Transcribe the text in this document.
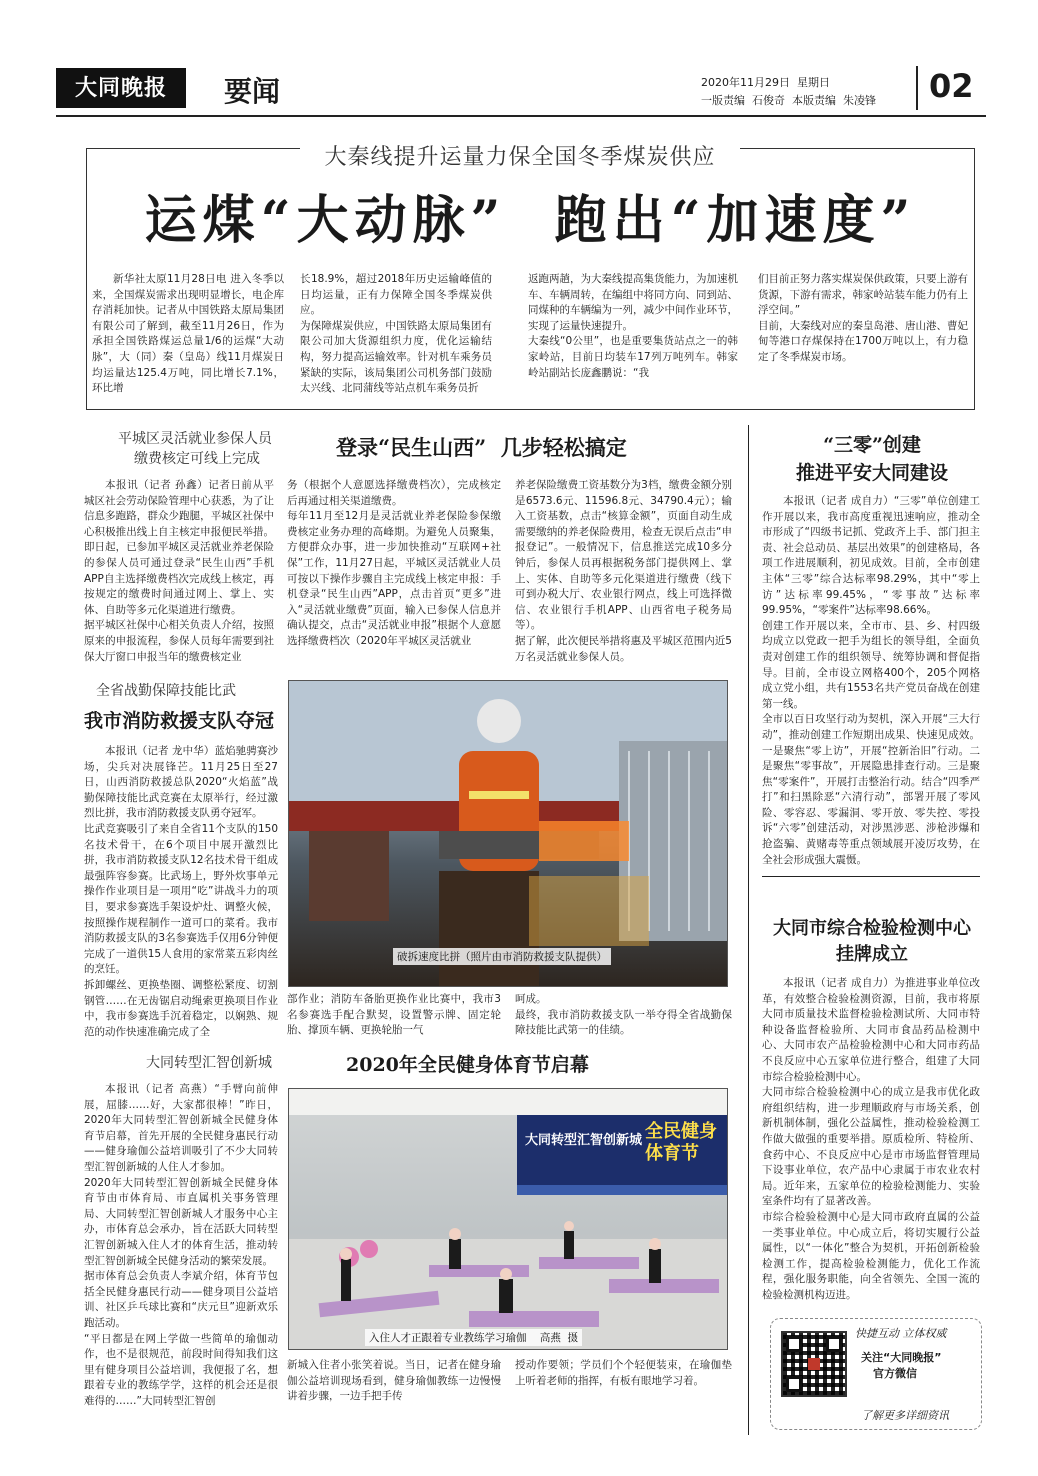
大同晚报	要闻	2020年11月29日  星期日
一版责编  石俊奇  本版责编  朱凌锋 02
大秦线提升运量力保全国冬季煤炭供应
运煤“大动脉”  跑出“加速度”
新华社太原11月28日电 进入冬季以来，全国煤炭需求出现明显增长，电企库存消耗加快。记者从中国铁路太原局集团有限公司了解到，截至11月26日，作为承担全国铁路煤运总量1/6的运煤“大动脉”，大（同）秦（皇岛）线11月煤炭日均运量达125.4万吨，同比增长7.1%，环比增
长18.9%，超过2018年历史运输峰值的日均运量，正有力保障全国冬季煤炭供应。
为保障煤炭供应，中国铁路太原局集团有限公司加大货源组织力度，优化运输结构，努力提高运输效率。针对机车乘务员紧缺的实际，该局集团公司机务部门鼓励太兴线、北同蒲线等站点机车乘务员折
返跑两趟，为大秦线提高集货能力，为加速机车、车辆周转，在编组中将同方向、同到站、同煤种的车辆编为一列，减少中间作业环节，实现了运量快速提升。
大秦线“0公里”，也是重要集货站点之一的韩家岭站，目前日均装车17列万吨列车。韩家岭站副站长庞鑫鹏说：“我
们目前正努力落实煤炭保供政策，只要上游有货源，下游有需求，韩家岭站装车能力仍有上浮空间。”
目前，大秦线对应的秦皇岛港、唐山港、曹妃甸等港口存煤保持在1700万吨以上，有力稳定了冬季煤炭市场。
平城区灵活就业参保人员
缴费核定可线上完成	登录“民生山西”  几步轻松搞定
本报讯（记者 孙鑫）记者日前从平城区社会劳动保险管理中心获悉，为了让信息多跑路，群众少跑腿，平城区社保中心积极推出线上自主核定申报便民举措。即日起，已参加平城区灵活就业养老保险的参保人员可通过登录“民生山西”手机APP自主选择缴费档次完成线上核定，再按规定的缴费时间通过网上、掌上、实体、自助等多元化渠道进行缴费。
据平城区社保中心相关负责人介绍，按照原来的申报流程，参保人员每年需要到社保大厅窗口申报当年的缴费核定业
务（根据个人意愿选择缴费档次），完成核定后再通过相关渠道缴费。
每年11月至12月是灵活就业养老保险参保缴费核定业务办理的高峰期。为避免人员聚集，方便群众办事，进一步加快推动“互联网+社保”工作，11月27日起，平城区灵活就业人员可按以下操作步骤自主完成线上核定申报：手机登录“民生山西”APP，点击首页“更多”进入“灵活就业缴费”页面，输入已参保人信息并确认提交，点击“灵活就业申报”根据个人意愿选择缴费档次（2020年平城区灵活就业
养老保险缴费工资基数分为3档，缴费金额分别是6573.6元、11596.8元、34790.4元）；输入工资基数，点击“核算金额”，页面自动生成需要缴纳的养老保险费用，检查无误后点击“申报登记”。一般情况下，信息推送完成10多分钟后，参保人员再根据税务部门提供网上、掌上、实体、自助等多元化渠道进行缴费（线下可到办税大厅、农业银行网点，线上可选择微信、农业银行手机APP、山西省电子税务局等）。
据了解，此次便民举措将惠及平城区范围内近5万名灵活就业参保人员。
“三零”创建
推进平安大同建设
本报讯（记者 成自力）“三零”单位创建工作开展以来，我市高度重视迅速响应，推动全市形成了“四级书记抓、党政齐上手、部门担主责、社会总动员、基层出效果”的创建格局，各项工作进展顺利，初见成效。目前，全市创建主体“三零”综合达标率98.29%，其中“零上访”达标率99.45%，“零事故”达标率99.95%，“零案件”达标率98.66%。
创建工作开展以来，全市市、县、乡、村四级均成立以党政一把手为组长的领导组，全面负责对创建工作的组织领导、统筹协调和督促指导。目前，全市设立网格400个，205个网格成立党小组，共有1553名共产党员奋战在创建第一线。
全市以百日攻坚行动为契机，深入开展“三大行动”，推动创建工作短期出成果、快速见成效。一是聚焦“零上访”，开展“控新治旧”行动。二是聚焦“零事故”，开展隐患排查行动。三是聚焦“零案件”，开展打击整治行动。结合“四季严打”和扫黑除恶“六清行动”，部署开展了零风险、零容忍、零漏洞、零开放、零失控、零投诉“六零”创建活动，对涉黑涉恶、涉枪涉爆和抢盗骗、黄赌毒等重点领域展开凌厉攻势，在全社会形成强大震慑。
全省战勤保障技能比武
我市消防救援支队夺冠
本报讯（记者 龙中华）蓝焰驰骋赛沙场，尖兵对决展锋芒。11月25日至27日，山西消防救援总队2020“火焰蓝”战勤保障技能比武竞赛在太原举行，经过激烈比拼，我市消防救援支队勇夺冠军。
比武竞赛吸引了来自全省11个支队的150名技术骨干，在6个项目中展开激烈比拼，我市消防救援支队12名技术骨干组成最强阵容参赛。比武场上，野外炊事单元操作作业项目是一项用“吃”讲战斗力的项目，要求参赛选手架设炉灶、调整火候，按照操作规程制作一道可口的菜肴。我市消防救援支队的3名参赛选手仅用6分钟便完成了一道供15人食用的家常菜五彩肉丝的烹饪。
拆卸螺丝、更换垫圈、调整松紧度、切割钢管……在无齿锯启动绳索更换项目作业中，我市参赛选手沉着稳定，以娴熟、规范的动作快速准确完成了全
破拆速度比拼（照片由市消防救援支队提供）
部作业；消防车备胎更换作业比赛中，我市3名参赛选手配合默契，设置警示牌、固定轮胎、撑顶车辆、更换轮胎一气
呵成。
最终，我市消防救援支队一举夺得全省战勤保障技能比武第一的佳绩。
大同市综合检验检测中心
挂牌成立
本报讯（记者 成自力）为推进事业单位改革，有效整合检验检测资源，目前，我市将原大同市质量技术监督检验检测试所、大同市特种设备监督检验所、大同市食品药品检测中心、大同市农产品检验检测中心和大同市药品不良反应中心五家单位进行整合，组建了大同市综合检验检测中心。
大同市综合检验检测中心的成立是我市优化政府组织结构，进一步理顺政府与市场关系，创新机制体制，强化公益属性，推动检验检测工作做大做强的重要举措。原质检所、特检所、食药中心、不良反应中心是市市场监督管理局下设事业单位，农产品中心隶属于市农业农村局。近年来，五家单位的检验检测能力、实验室条件均有了显著改善。
市综合检验检测中心是大同市政府直属的公益一类事业单位。中心成立后，将切实履行公益属性，以“一体化”整合为契机，开拓创新检验检测工作，提高检验检测能力，优化工作流程，强化服务职能，向全省领先、全国一流的检验检测机构迈进。
大同转型汇智创新城	2020年全民健身体育节启幕
本报讯（记者 高燕）“手臂向前伸展，屈膝……好，大家都很棒！”昨日，2020年大同转型汇智创新城全民健身体育节启幕，首先开展的全民健身惠民行动——健身瑜伽公益培训吸引了不少大同转型汇智创新城的人住人才参加。
2020年大同转型汇智创新城全民健身体育节由市体育局、市直属机关事务管理局、大同转型汇智创新城人才服务中心主办，市体育总会承办，旨在活跃大同转型汇智创新城入住人才的体育生活，推动转型汇智创新城全民健身活动的繁荣发展。
据市体育总会负责人李斌介绍，体育节包括全民健身惠民行动——健身项目公益培训、社区乒乓球比赛和“庆元旦”迎新欢乐跑活动。
“平日都是在网上学做一些简单的瑜伽动作，也不是很规范，前段时间得知我们这里有健身项目公益培训，我便报了名，想跟着专业的教练学学，这样的机会还是很难得的……”大同转型汇智创
大同转型汇智创新城 全民健身 体育节
入住人才正跟着专业教练学习瑜伽    高燕  摄
新城入住者小张笑着说。当日，记者在健身瑜伽公益培训现场看到，健身瑜伽教练一边慢慢讲着步骤，一边手把手传
授动作要领；学员们个个轻便装束，在瑜伽垫上听着老师的指挥，有板有眼地学习着。
快捷互动 立体权威
关注“大同晚报”
官方微信
了解更多详细资讯
